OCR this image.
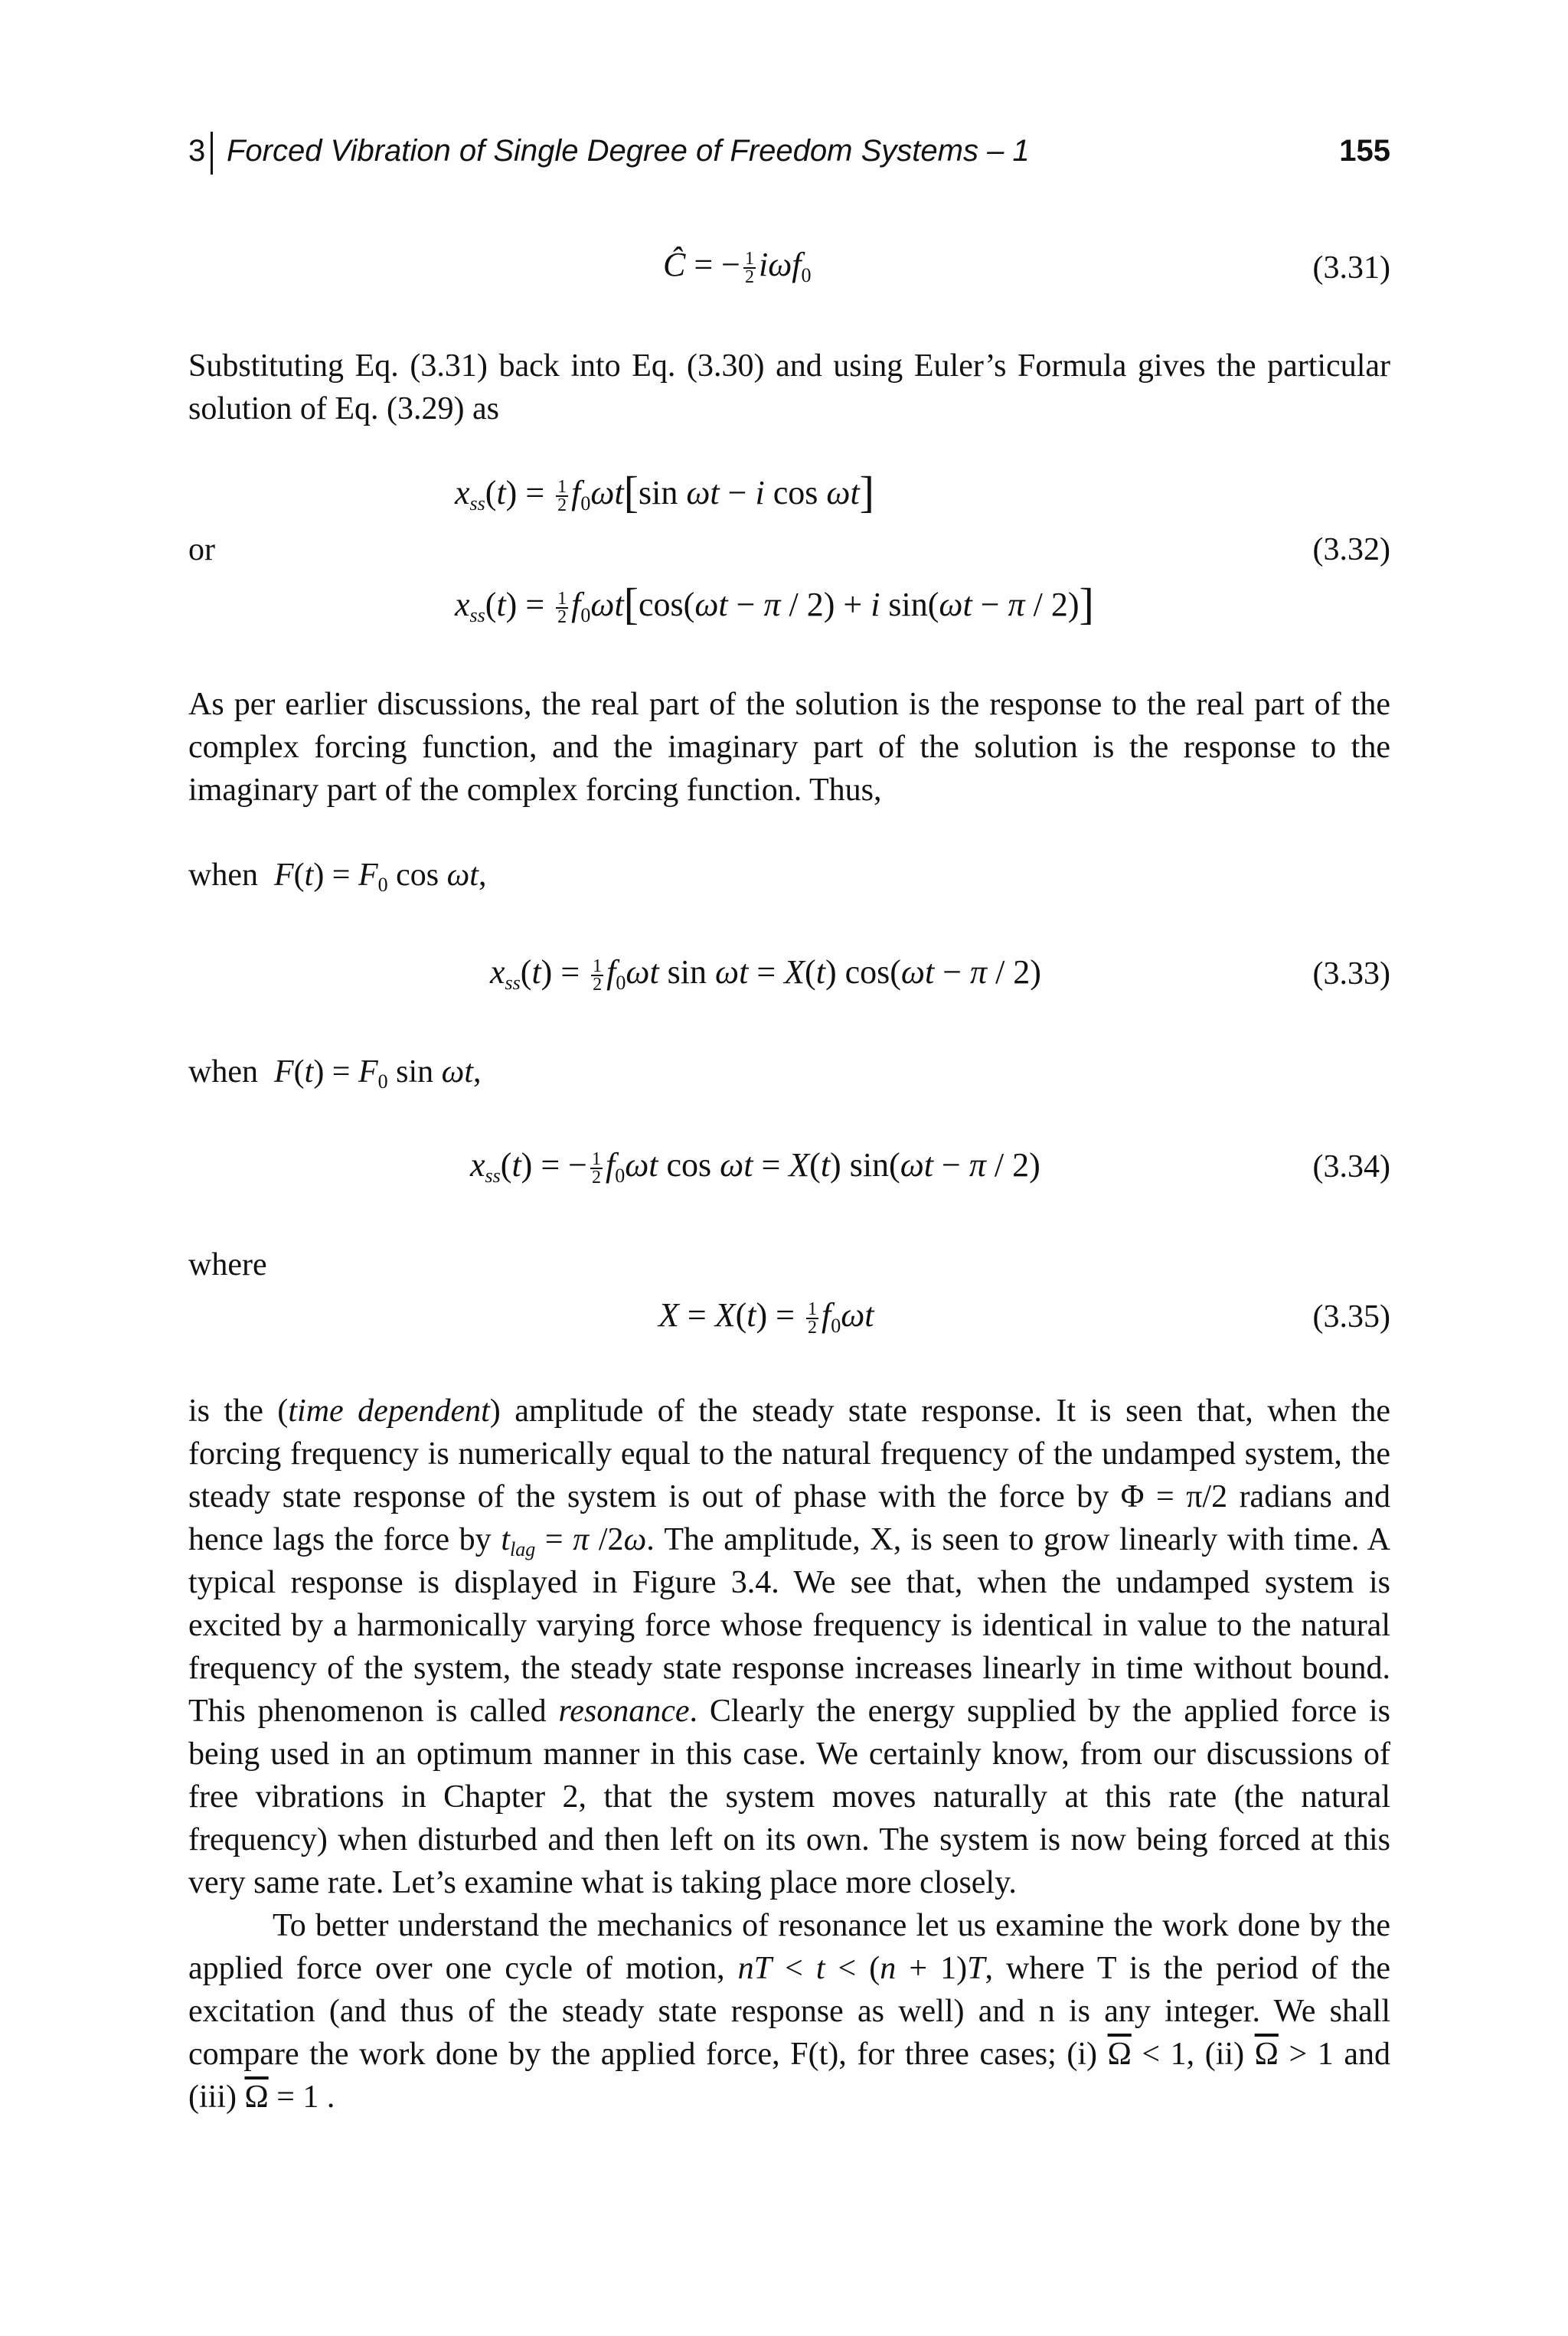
3 Forced Vibration of Single Degree of Freedom Systems – 1	155
Ĉ = − $\frac{1}{2} i\omega f_0$	(3.31)

Substituting Eq. (3.31) back into Eq. (3.30) and using Euler’s Formula gives the particular solution of Eq. (3.29) as

$x_{ss}(t) = \frac{1}{2} f_0\omega t[\sin$ ωt − i cos ωt]
or	(3.32)
$x_{ss}(t) = \frac{1}{2} f_0\omega t[\cos(\omega t - \pi / 2) + i$ sin(ωt − π / 2)]

As per earlier discussions, the real part of the solution is the response to the real part of the complex forcing function, and the imaginary part of the solution is the response to the imaginary part of the complex forcing function. Thus,

when $F(t) = F_0$ cos ωt,
$x_{ss}(t) = \frac{1}{2} f_0\omega t$ sin ωt = X(t) cos(ωt − π / 2)	(3.33)
when $F(t) = F_0$ sin ωt,
$x_{ss}(t)$ = − $\frac{1}{2} f_0\omega t$ cos ωt = X(t) sin(ωt − π / 2)	(3.34)
where
$X = X(t) = \frac{1}{2} f_0\omega t$	(3.35)

is the (time dependent) amplitude of the steady state response. It is seen that, when the forcing frequency is numerically equal to the natural frequency of the undamped system, the steady state response of the system is out of phase with the force by Φ = π/2 radians and hence lags the force by $t_{lag} = \pi$ /2ω. The amplitude, X, is seen to grow linearly with time. A typical response is displayed in Figure 3.4. We see that, when the undamped system is excited by a harmonically varying force whose frequency is identical in value to the natural frequency of the system, the steady state response increases linearly in time without bound. This phenomenon is called resonance. Clearly the energy supplied by the applied force is being used in an optimum manner in this case. We certainly know, from our discussions of free vibrations in Chapter 2, that the system moves naturally at this rate (the natural frequency) when disturbed and then left on its own. The system is now being forced at this very same rate. Let’s examine what is taking place more closely.

To better understand the mechanics of resonance let us examine the work done by the applied force over one cycle of motion, nT < t < (n + 1)T, where T is the period of the excitation (and thus of the steady state response as well) and n is any integer. We shall compare the work done by the applied force, F(t), for three cases; (i) $\overline{\Omega} < 1$, (ii) $\overline{\Omega} > 1$ and (iii) $\overline{\Omega} = 1$ .
